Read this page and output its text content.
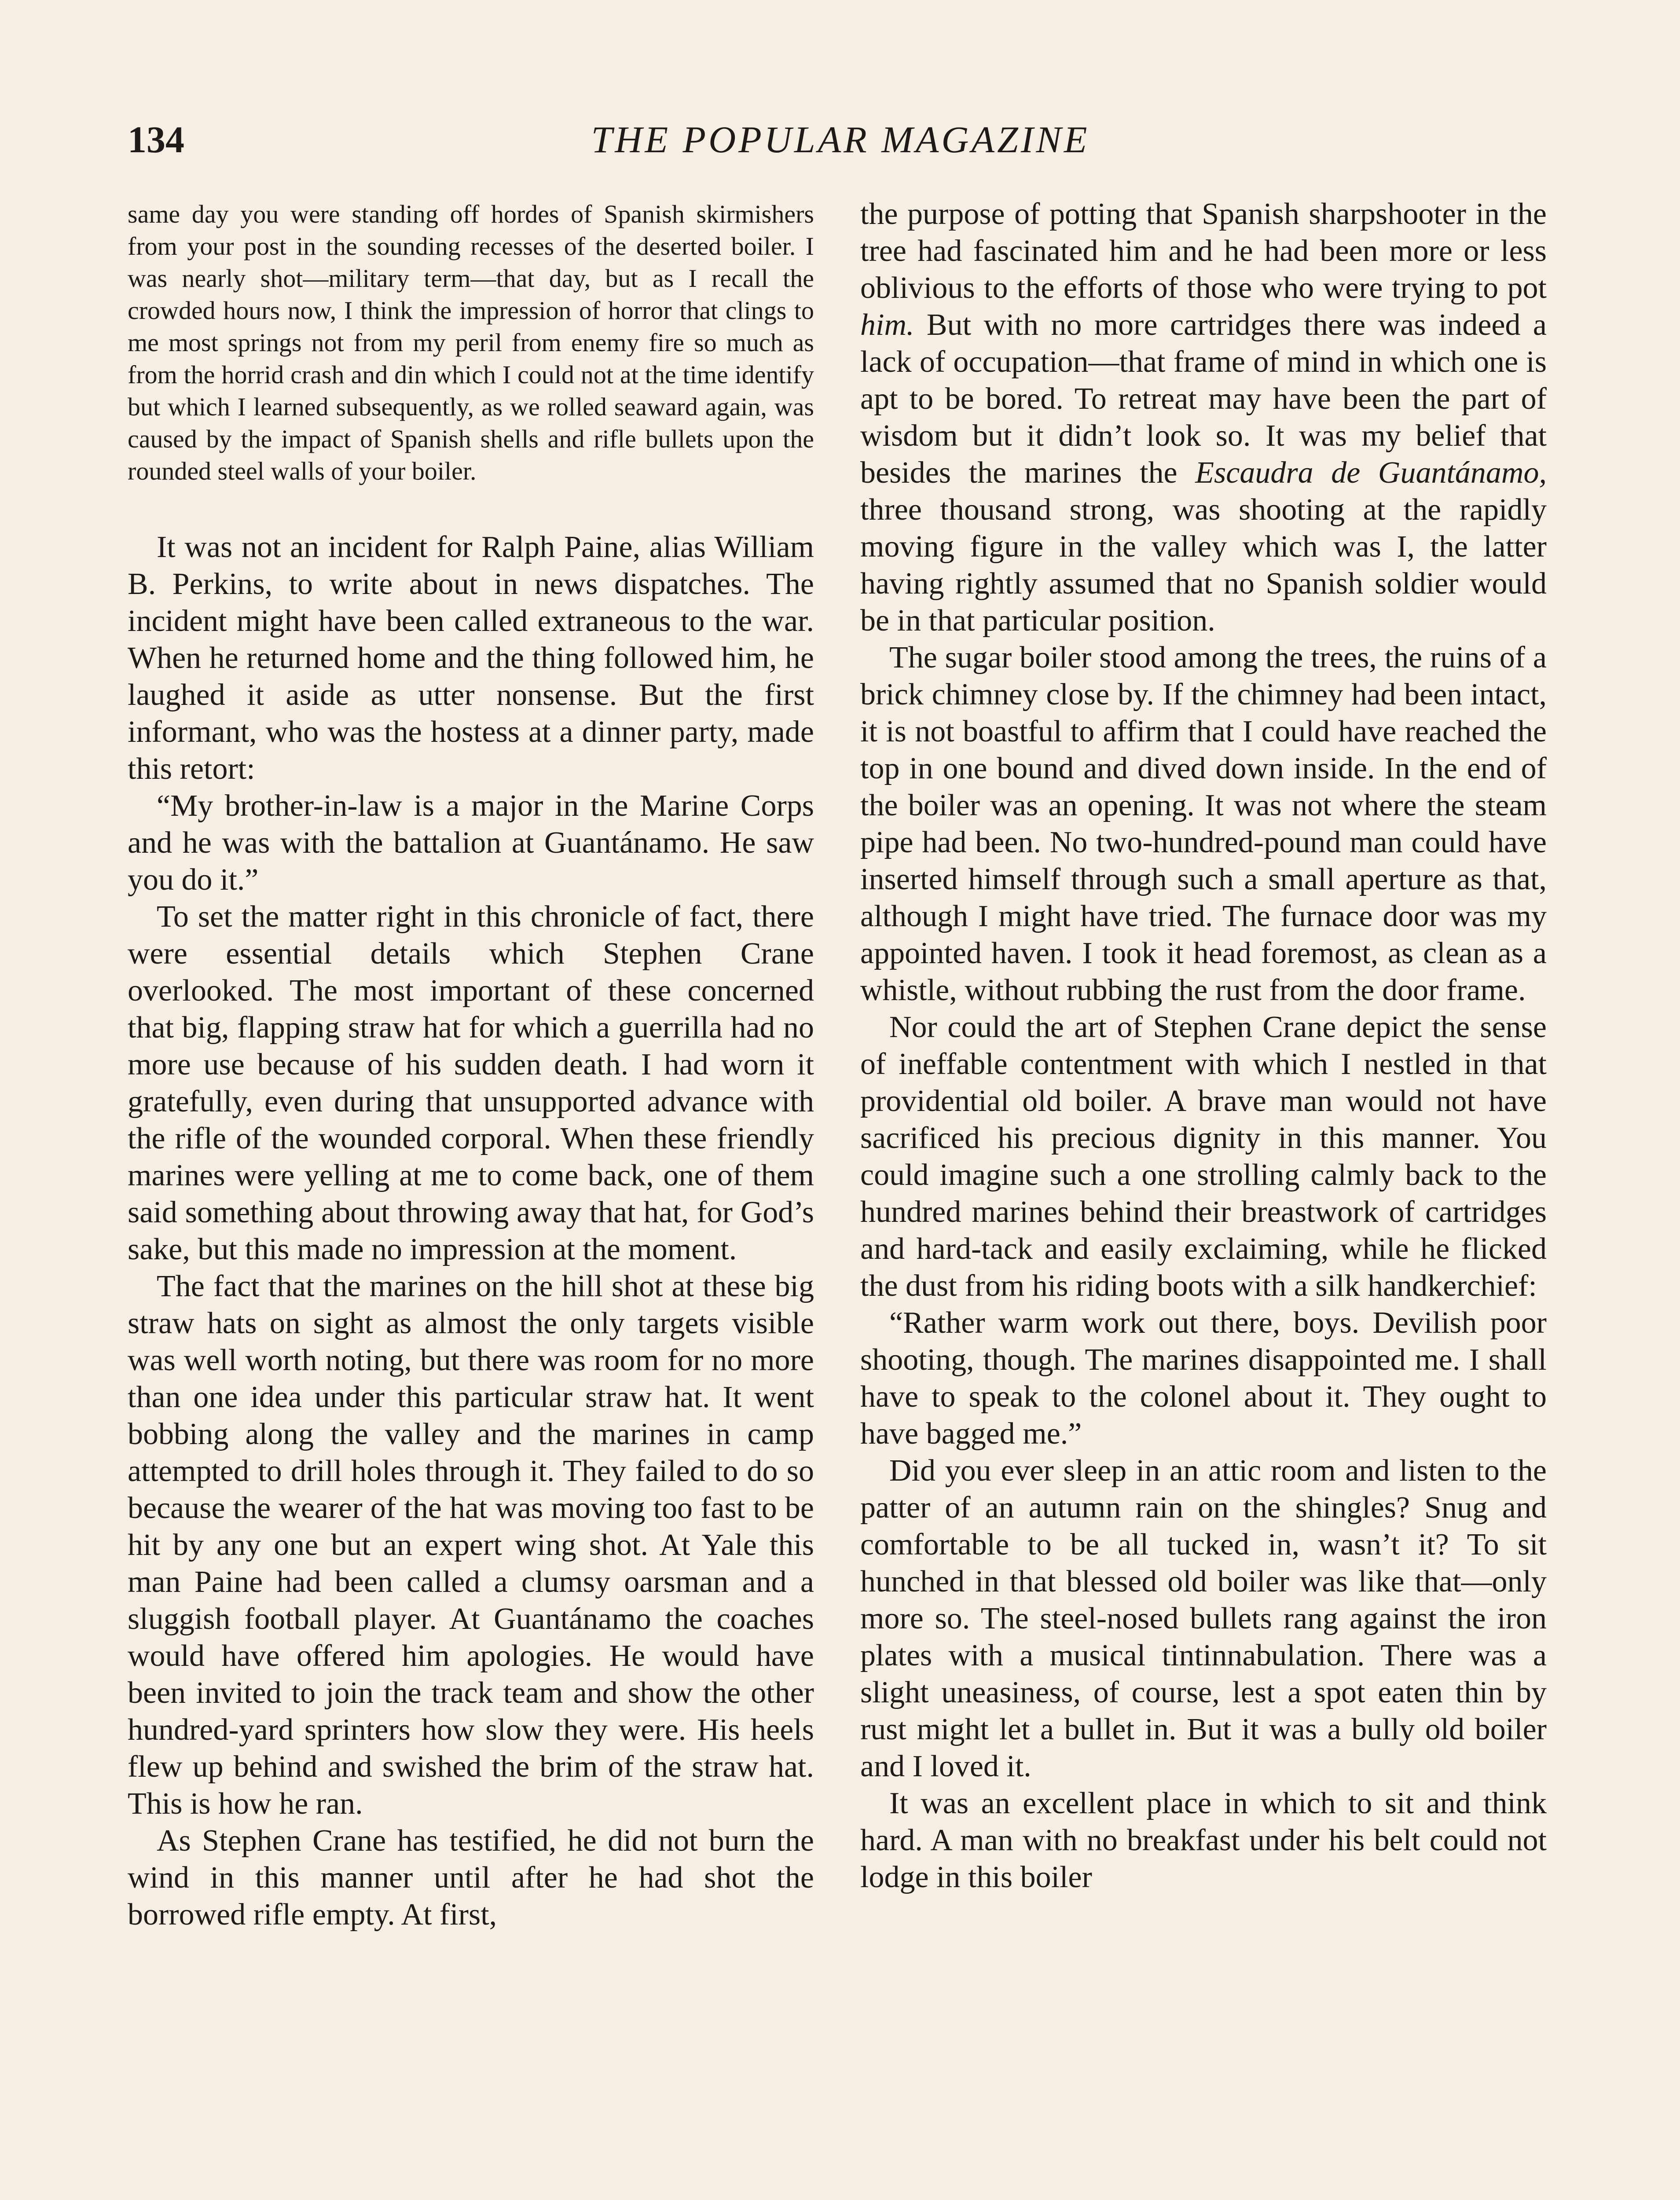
134	THE POPULAR MAGAZINE

same day you were standing off hordes of Spanish skirmishers from your post in the sounding recesses of the deserted boiler. I was nearly shot—military term—that day, but as I recall the crowded hours now, I think the impression of horror that clings to me most springs not from my peril from enemy fire so much as from the horrid crash and din which I could not at the time identify but which I learned subsequently, as we rolled seaward again, was caused by the impact of Spanish shells and rifle bullets upon the rounded steel walls of your boiler.

It was not an incident for Ralph Paine, alias William B. Perkins, to write about in news dispatches. The incident might have been called extraneous to the war. When he returned home and the thing followed him, he laughed it aside as utter nonsense. But the first informant, who was the hostess at a dinner party, made this retort:

“My brother-in-law is a major in the Marine Corps and he was with the battalion at Guantánamo. He saw you do it.”

To set the matter right in this chronicle of fact, there were essential details which Stephen Crane overlooked. The most important of these concerned that big, flapping straw hat for which a guerrilla had no more use because of his sudden death. I had worn it gratefully, even during that unsupported advance with the rifle of the wounded corporal. When these friendly marines were yelling at me to come back, one of them said something about throwing away that hat, for God’s sake, but this made no impression at the moment.

The fact that the marines on the hill shot at these big straw hats on sight as almost the only targets visible was well worth noting, but there was room for no more than one idea under this particular straw hat. It went bobbing along the valley and the marines in camp attempted to drill holes through it. They failed to do so because the wearer of the hat was moving too fast to be hit by any one but an expert wing shot. At Yale this man Paine had been called a clumsy oarsman and a sluggish football player. At Guantánamo the coaches would have offered him apologies. He would have been invited to join the track team and show the other hundred-yard sprinters how slow they were. His heels flew up behind and swished the brim of the straw hat. This is how he ran.

As Stephen Crane has testified, he did not burn the wind in this manner until after he had shot the borrowed rifle empty. At first,

the purpose of potting that Spanish sharpshooter in the tree had fascinated him and he had been more or less oblivious to the efforts of those who were trying to pot him. But with no more cartridges there was indeed a lack of occupation—that frame of mind in which one is apt to be bored. To retreat may have been the part of wisdom but it didn’t look so. It was my belief that besides the marines the Escaudra de Guantánamo, three thousand strong, was shooting at the rapidly moving figure in the valley which was I, the latter having rightly assumed that no Spanish soldier would be in that particular position.

The sugar boiler stood among the trees, the ruins of a brick chimney close by. If the chimney had been intact, it is not boastful to affirm that I could have reached the top in one bound and dived down inside. In the end of the boiler was an opening. It was not where the steam pipe had been. No two-hundred-pound man could have inserted himself through such a small aperture as that, although I might have tried. The furnace door was my appointed haven. I took it head foremost, as clean as a whistle, without rubbing the rust from the door frame.

Nor could the art of Stephen Crane depict the sense of ineffable contentment with which I nestled in that providential old boiler. A brave man would not have sacrificed his precious dignity in this manner. You could imagine such a one strolling calmly back to the hundred marines behind their breastwork of cartridges and hard-tack and easily exclaiming, while he flicked the dust from his riding boots with a silk handkerchief:

“Rather warm work out there, boys. Devilish poor shooting, though. The marines disappointed me. I shall have to speak to the colonel about it. They ought to have bagged me.”

Did you ever sleep in an attic room and listen to the patter of an autumn rain on the shingles? Snug and comfortable to be all tucked in, wasn’t it? To sit hunched in that blessed old boiler was like that—only more so. The steel-nosed bullets rang against the iron plates with a musical tintinnabulation. There was a slight uneasiness, of course, lest a spot eaten thin by rust might let a bullet in. But it was a bully old boiler and I loved it.

It was an excellent place in which to sit and think hard. A man with no breakfast under his belt could not lodge in this boiler
